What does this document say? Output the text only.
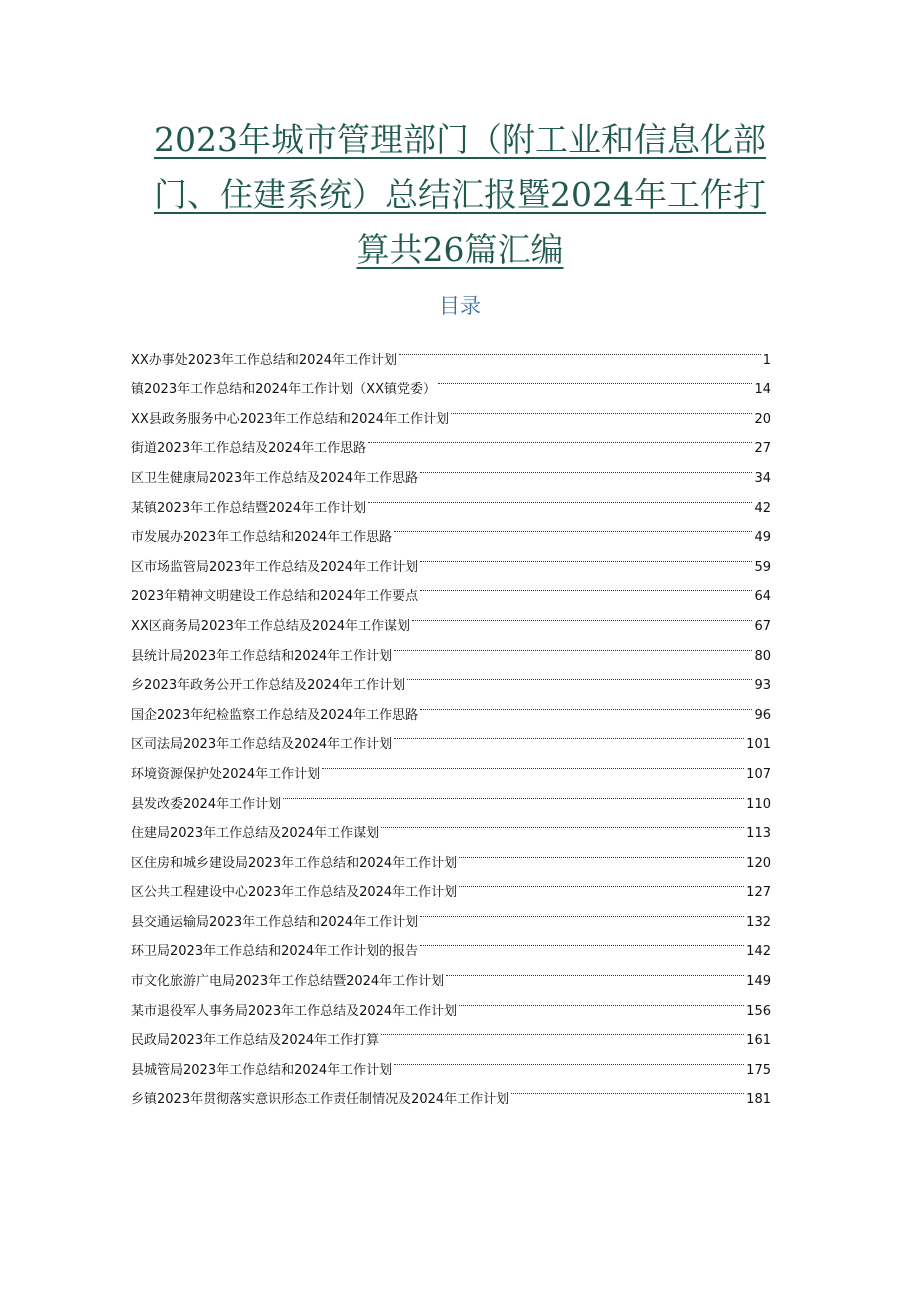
2023年城市管理部门（附工业和信息化部
门、住建系统）总结汇报暨2024年工作打
算共26篇汇编
目录
XX办事处2023年工作总结和2024年工作计划	1
镇2023年工作总结和2024年工作计划（XX镇党委）	14
XX县政务服务中心2023年工作总结和2024年工作计划	20
街道2023年工作总结及2024年工作思路	27
区卫生健康局2023年工作总结及2024年工作思路	34
某镇2023年工作总结暨2024年工作计划	42
市发展办2023年工作总结和2024年工作思路	49
区市场监管局2023年工作总结及2024年工作计划	59
2023年精神文明建设工作总结和2024年工作要点	64
XX区商务局2023年工作总结及2024年工作谋划	67
县统计局2023年工作总结和2024年工作计划	80
乡2023年政务公开工作总结及2024年工作计划	93
国企2023年纪检监察工作总结及2024年工作思路	96
区司法局2023年工作总结及2024年工作计划	101
环境资源保护处2024年工作计划	107
县发改委2024年工作计划	110
住建局2023年工作总结及2024年工作谋划	113
区住房和城乡建设局2023年工作总结和2024年工作计划	120
区公共工程建设中心2023年工作总结及2024年工作计划	127
县交通运输局2023年工作总结和2024年工作计划	132
环卫局2023年工作总结和2024年工作计划的报告	142
市文化旅游广电局2023年工作总结暨2024年工作计划	149
某市退役军人事务局2023年工作总结及2024年工作计划	156
民政局2023年工作总结及2024年工作打算	161
县城管局2023年工作总结和2024年工作计划	175
乡镇2023年贯彻落实意识形态工作责任制情况及2024年工作计划	181
